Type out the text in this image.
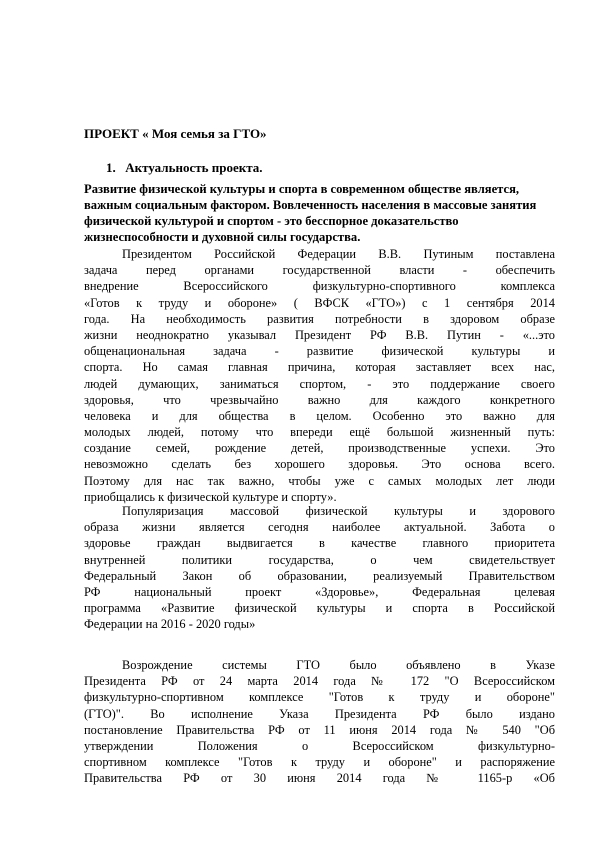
ПРОЕКТ « Моя семья за ГТО»
1. Актуальность проекта.

Развитие физической культуры и спорта в современном обществе является,
важным социальным фактором. Вовлеченность населения в массовые занятия
физической культурой и спортом - это бесспорное доказательство
жизнеспособности и духовной силы государства.

Президентом Российской Федерации В.В. Путиным поставлена
задача перед органами государственной власти - обеспечить
внедрение Всероссийского физкультурно-спортивного комплекса
«Готов к труду и обороне» ( ВФСК «ГТО») с 1 сентября 2014
года. На необходимость развития потребности в здоровом образе
жизни неоднократно указывал Президент РФ В.В. Путин - «...это
общенациональная задача - развитие физической культуры и
спорта. Но самая главная причина, которая заставляет всех нас,
людей думающих, заниматься спортом, - это поддержание своего
здоровья, что чрезвычайно важно для каждого конкретного
человека и для общества в целом. Особенно это важно для
молодых людей, потому что впереди ещё большой жизненный путь:
создание семей, рождение детей, производственные успехи. Это
невозможно сделать без хорошего здоровья. Это основа всего.
Поэтому для нас так важно, чтобы уже с самых молодых лет люди
приобщались к физической культуре и спорту».

Популяризация массовой физической культуры и здорового
образа жизни является сегодня наиболее актуальной. Забота о
здоровье граждан выдвигается в качестве главного приоритета
внутренней политики государства, о чем свидетельствует
Федеральный Закон об образовании, реализуемый Правительством
РФ национальный проект «Здоровье», Федеральная целевая
программа «Развитие физической культуры и спорта в Российской
Федерации на 2016 - 2020 годы»

Возрождение системы ГТО было объявлено в Указе
Президента РФ от 24 марта 2014 года № 172 "О Всероссийском
физкультурно-спортивном комплексе "Готов к труду и обороне"
(ГТО)". Во исполнение Указа Президента РФ было издано
постановление Правительства РФ от 11 июня 2014 года № 540 "Об
утверждении Положения о Всероссийском физкультурно-
спортивном комплексе "Готов к труду и обороне" и распоряжение
Правительства РФ от 30 июня 2014 года № 1165-р «Об
